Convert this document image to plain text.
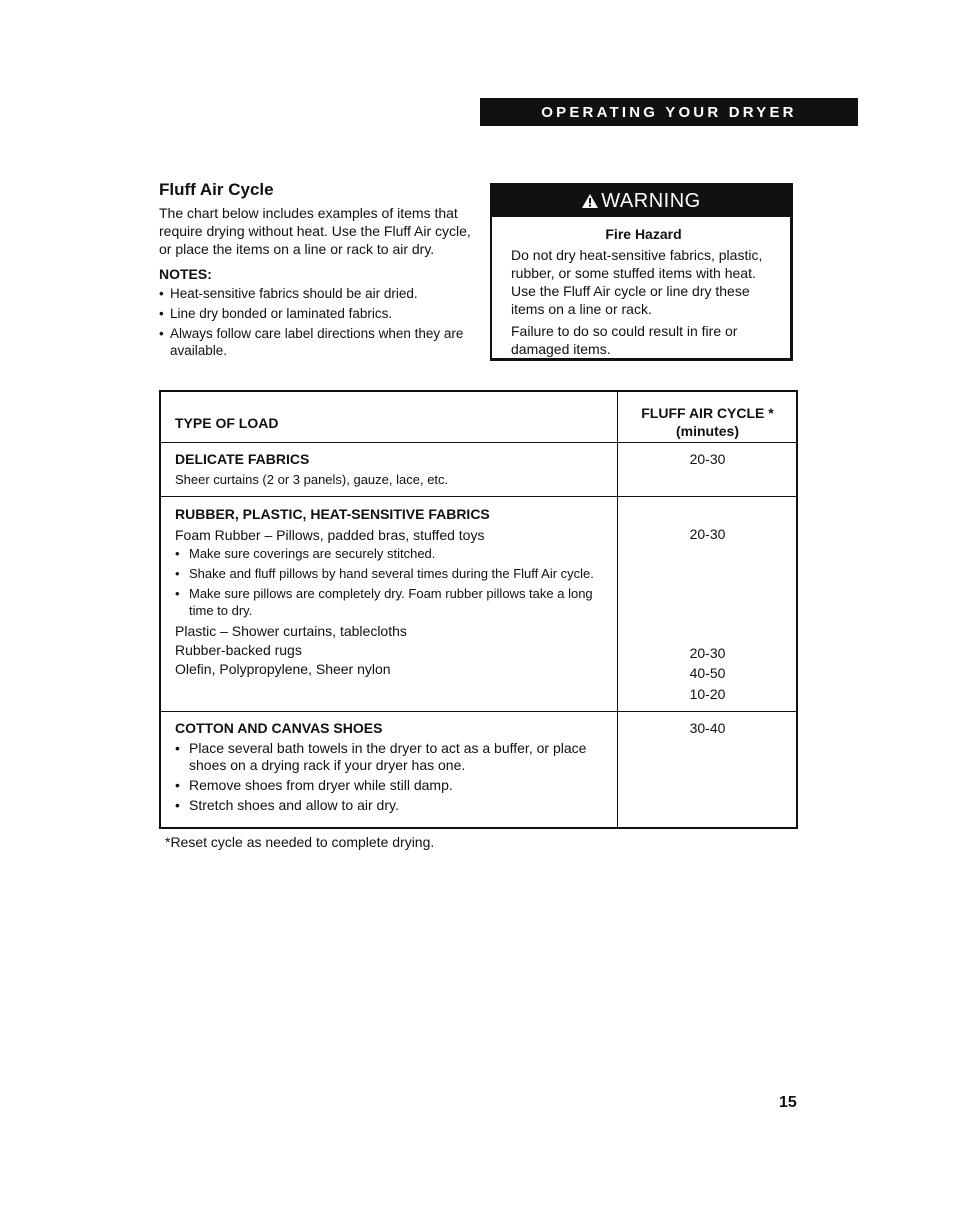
OPERATING YOUR DRYER
Fluff Air Cycle

The chart below includes examples of items that require drying without heat. Use the Fluff Air cycle, or place the items on a line or rack to air dry.

NOTES:
• Heat-sensitive fabrics should be air dried.
• Line dry bonded or laminated fabrics.
• Always follow care label directions when they are available.
WARNING
Fire Hazard

Do not dry heat-sensitive fabrics, plastic, rubber, or some stuffed items with heat. Use the Fluff Air cycle or line dry these items on a line or rack.

Failure to do so could result in fire or damaged items.

TYPE OF LOAD
FLUFF AIR CYCLE *
(minutes)
DELICATE FABRICS
Sheer curtains (2 or 3 panels), gauze, lace, etc.
20-30
RUBBER, PLASTIC, HEAT-SENSITIVE FABRICS
Foam Rubber – Pillows, padded bras, stuffed toys
• Make sure coverings are securely stitched.
• Shake and fluff pillows by hand several times during the Fluff Air cycle.
• Make sure pillows are completely dry. Foam rubber pillows take a long time to dry.
Plastic – Shower curtains, tablecloths
Rubber-backed rugs
Olefin, Polypropylene, Sheer nylon
20-30
20-30
40-50
10-20
COTTON AND CANVAS SHOES
• Place several bath towels in the dryer to act as a buffer, or place shoes on a drying rack if your dryer has one.
• Remove shoes from dryer while still damp.
• Stretch shoes and allow to air dry.
30-40
*Reset cycle as needed to complete drying.
15
